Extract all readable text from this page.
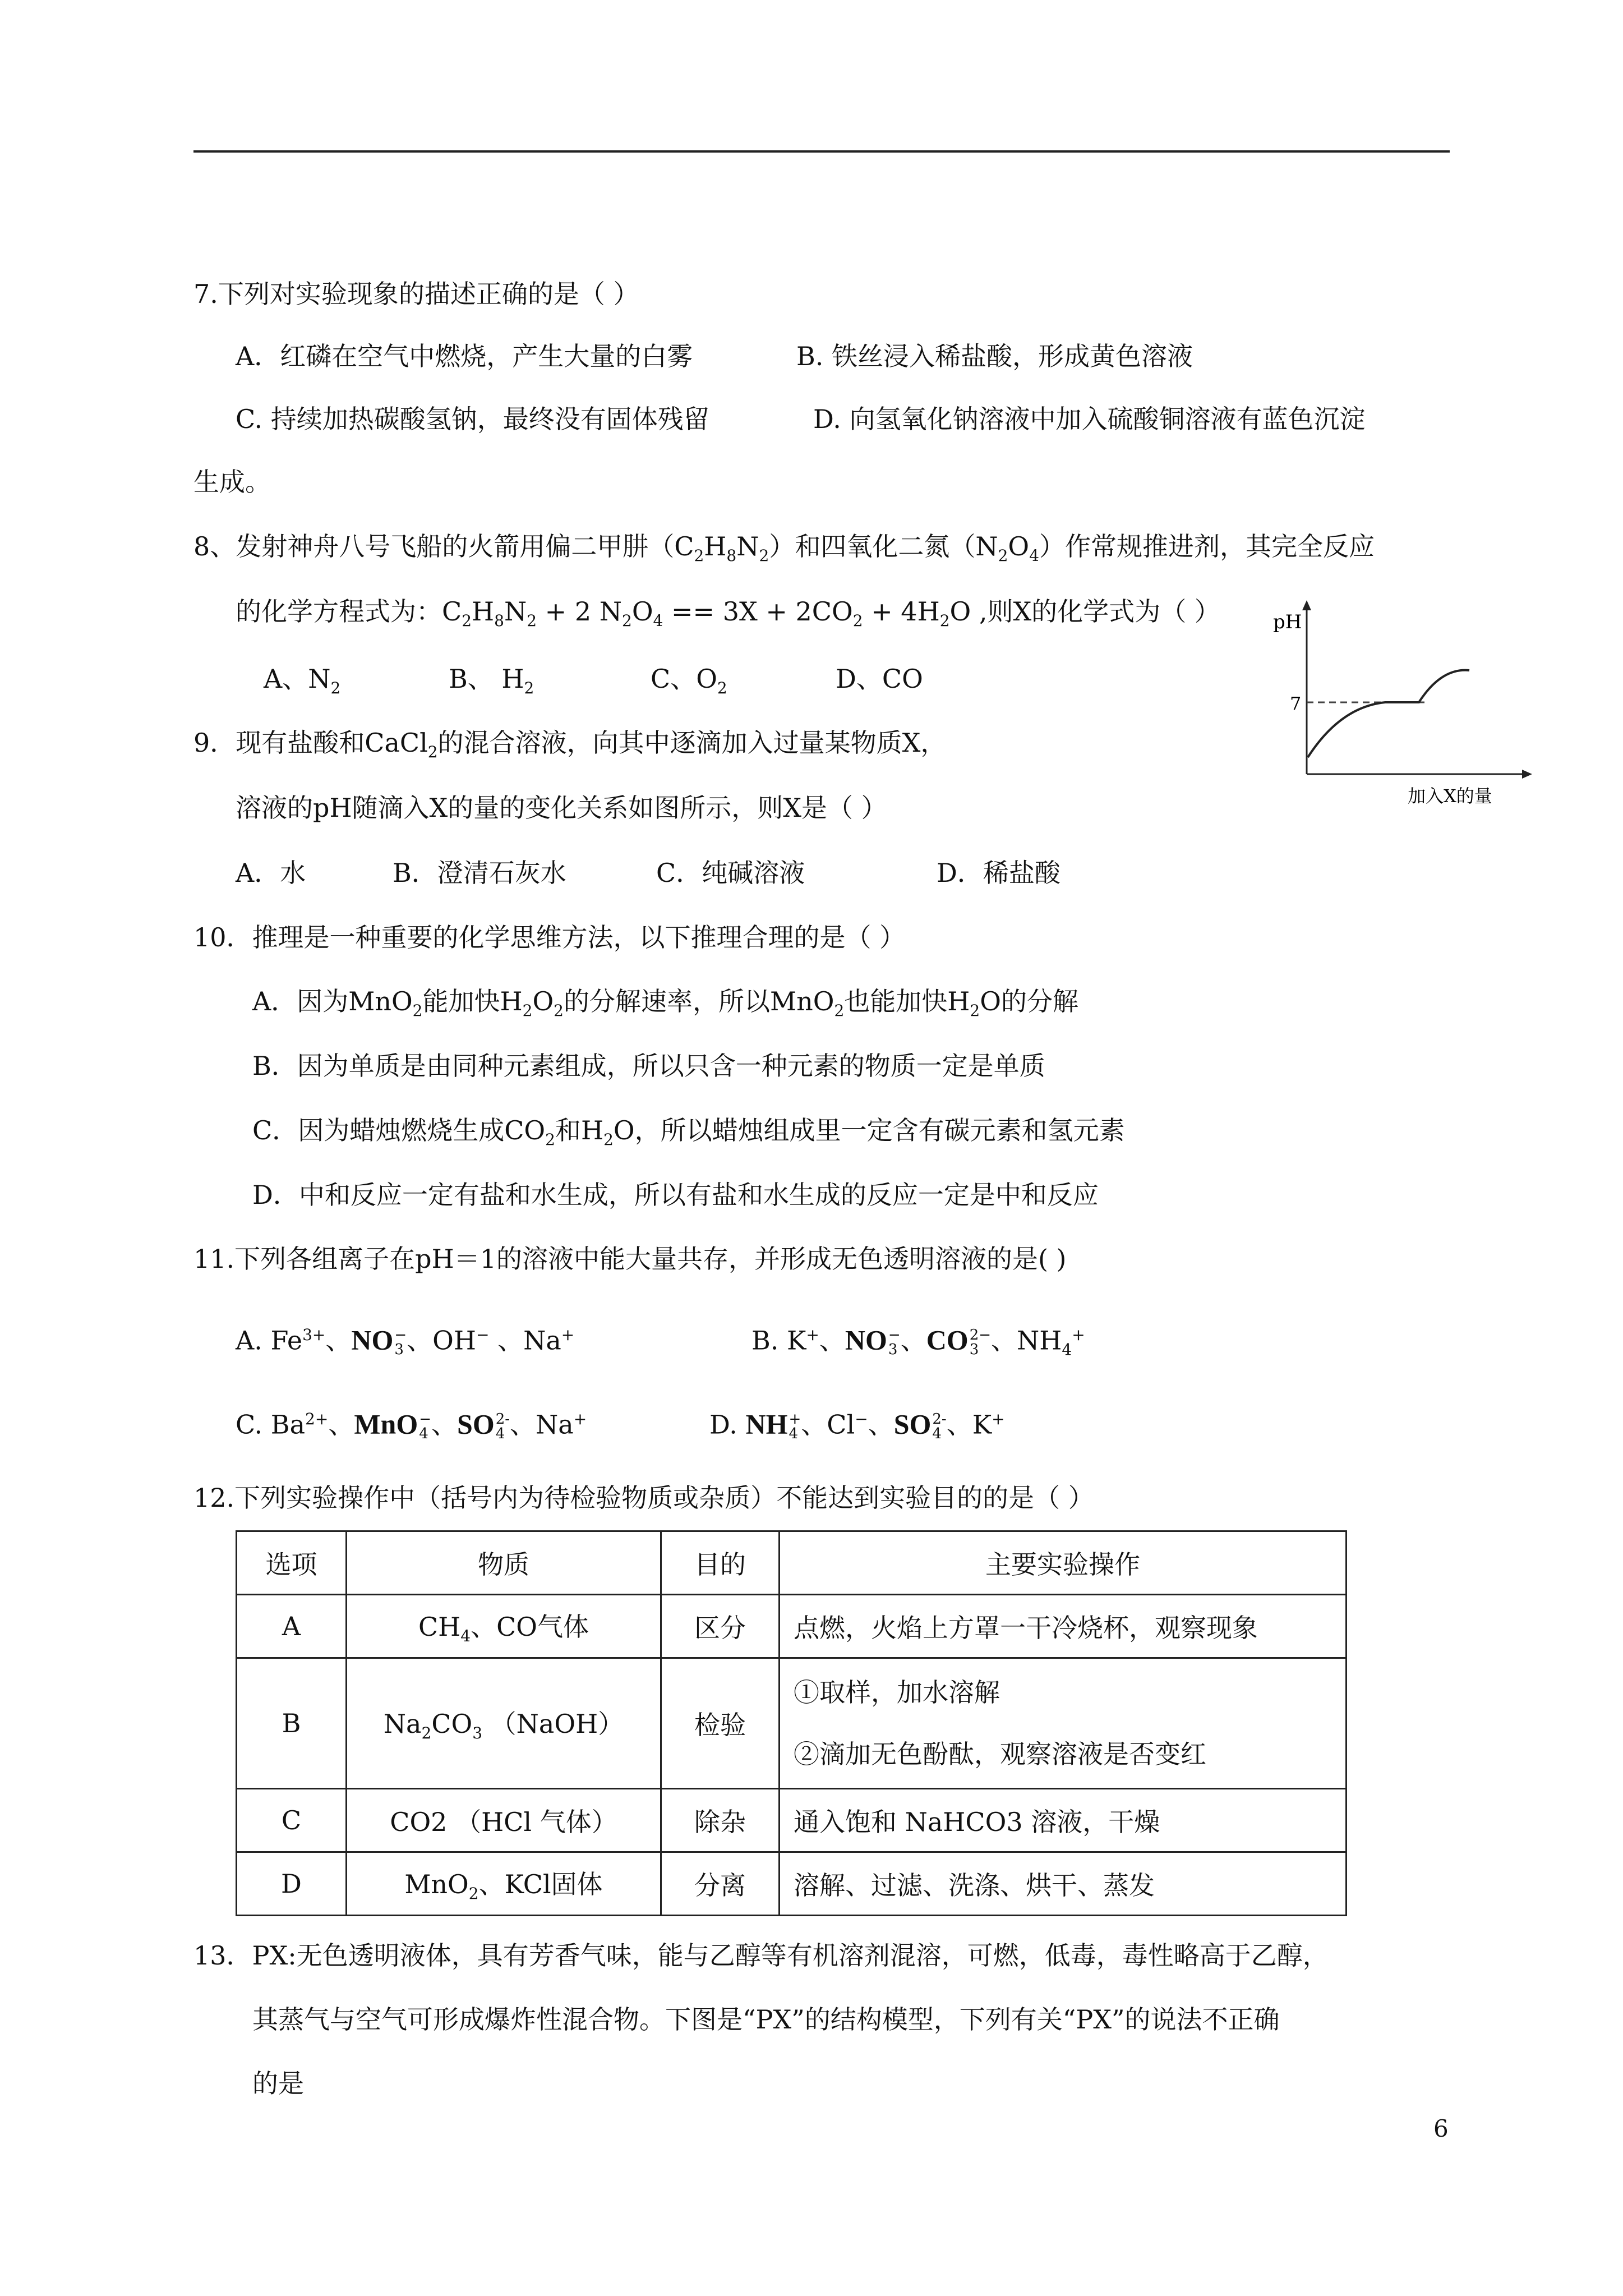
7.下列对实验现象的描述正确的是（ ）
A．红磷在空气中燃烧，产生大量的白雾	B. 铁丝浸入稀盐酸，形成黄色溶液
C. 持续加热碳酸氢钠，最终没有固体残留	D. 向氢氧化钠溶液中加入硫酸铜溶液有蓝色沉淀
生成。
8、发射神舟八号飞船的火箭用偏二甲肼$(C_2H_8N_2)$和四氧化二氮$(N_2O_4)$作常规推进剂，其完全反应
的化学方程式为：$C_2H_8N_2 + 2$ $N_2O_4 == 3X + 2CO_2 + 4H_2O$ ,则X的化学式为（ ）
A、$N_2$	B、 $H_2$	C、$O_2$	D、CO
pH
7
加入X的量
9．现有盐酸和CaCl$_2$的混合溶液，向其中逐滴加入过量某物质X，
溶液的pH随滴入X的量的变化关系如图所示，则X是（ ）
A．水	B．澄清石灰水	C．纯碱溶液	D．稀盐酸
10．推理是一种重要的化学思维方法，以下推理合理的是（ ）
A．因为MnO$_2$能加快$H_2O_2$的分解速率，所以MnO$_2$也能加快$H_2O$的分解
B．因为单质是由同种元素组成，所以只含一种元素的物质一定是单质
C．因为蜡烛燃烧生成$CO_2$和$H_2O$，所以蜡烛组成里一定含有碳元素和氢元素
D．中和反应一定有盐和水生成，所以有盐和水生成的反应一定是中和反应
11.下列各组离子在pH＝1的溶液中能大量共存，并形成无色透明溶液的是( )
A. $Fe^{3+}$、NO −
3 、OH− 、Na+	B. K+、NO −
3 、CO 2−
3 、$NH_4^+$
C. $Ba^{2+}$、MnO −
4 、SO 2-
4 、Na+	D. NH +
4 、Cl−、SO 2-
4 、K+
12.下列实验操作中（括号内为待检验物质或杂质）不能达到实验目的的是（ ）
选项	物质	目的	主要实验操作
A	$CH_4$、CO气体	区分	点燃，火焰上方罩一干冷烧杯，观察现象
B	$Na_2CO_3$ （NaOH）	检验	①取样，加水溶解
②滴加无色酚酞，观察溶液是否变红

C	CO2 （HCl 气体）	除杂	通入饱和 NaHCO3 溶液，干燥
D	MnO$_2$、KCl固体	分离	溶解、过滤、洗涤、烘干、蒸发
13．PX:无色透明液体，具有芳香气味，能与乙醇等有机溶剂混溶，可燃，低毒，毒性略高于乙醇，
其蒸气与空气可形成爆炸性混合物。下图是“PX”的结构模型，下列有关“PX”的说法不正确
的是
6
